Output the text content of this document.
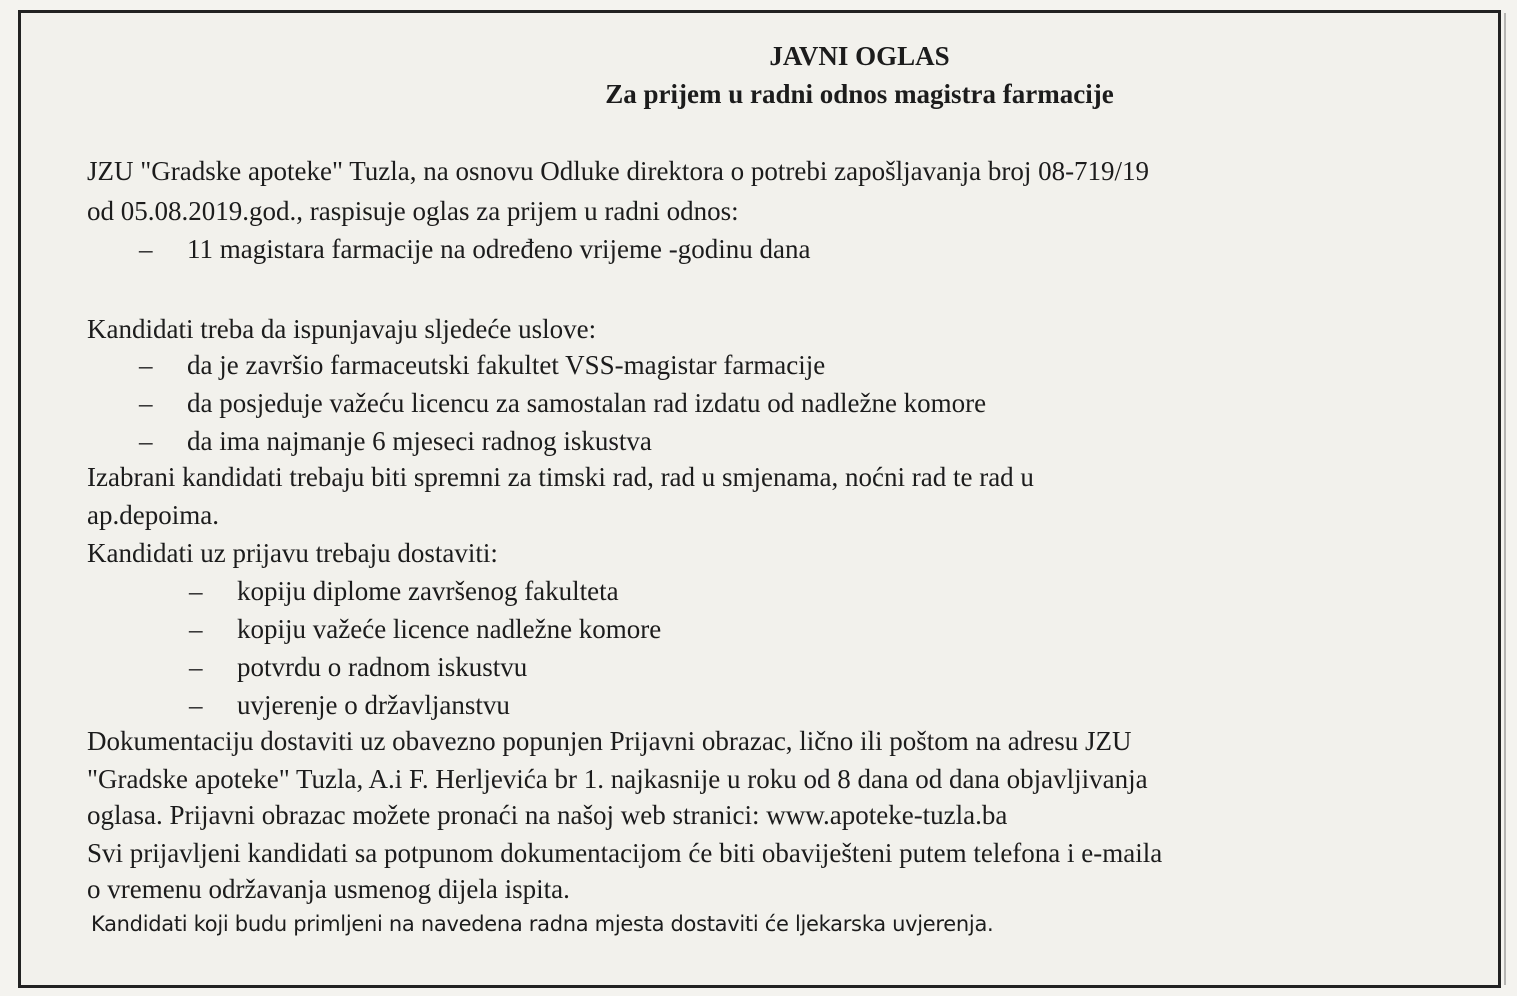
JAVNI OGLAS
Za prijem u radni odnos magistra farmacije
JZU "Gradske apoteke" Tuzla, na osnovu Odluke direktora o potrebi zapošljavanja broj 08-719/19
od 05.08.2019.god., raspisuje oglas za prijem u radni odnos:
– 11 magistara farmacije na određeno vrijeme -godinu dana
Kandidati treba da ispunjavaju sljedeće uslove:
– da je završio farmaceutski fakultet VSS-magistar farmacije
– da posjeduje važeću licencu za samostalan rad izdatu od nadležne komore
– da ima najmanje 6 mjeseci radnog iskustva
Izabrani kandidati trebaju biti spremni za timski rad, rad u smjenama, noćni rad te rad u
ap.depoima.
Kandidati uz prijavu trebaju dostaviti:
– kopiju diplome završenog fakulteta
– kopiju važeće licence nadležne komore
– potvrdu o radnom iskustvu
– uvjerenje o državljanstvu
Dokumentaciju dostaviti uz obavezno popunjen Prijavni obrazac, lično ili poštom na adresu JZU
"Gradske apoteke" Tuzla, A.i F. Herljevića br 1. najkasnije u roku od 8 dana od dana objavljivanja
oglasa. Prijavni obrazac možete pronaći na našoj web stranici: www.apoteke-tuzla.ba
Svi prijavljeni kandidati sa potpunom dokumentacijom će biti obaviješteni putem telefona i e-maila
o vremenu održavanja usmenog dijela ispita.
Kandidati koji budu primljeni na navedena radna mjesta dostaviti će ljekarska uvjerenja.
